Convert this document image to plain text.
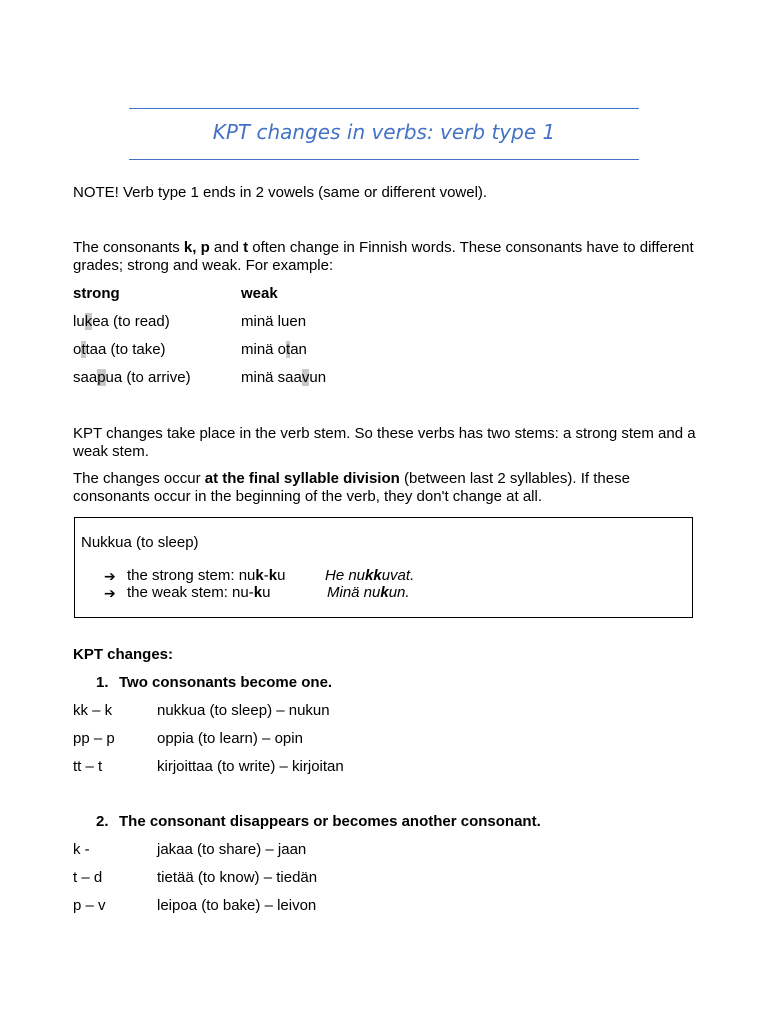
KPT changes in verbs: verb type 1
NOTE! Verb type 1 ends in 2 vowels (same or different vowel).
The consonants k, p and t often change in Finnish words. These consonants have to different grades; strong and weak. For example:
strong	weak
lukea (to read)	minä luen
ottaa (to take)	minä otan
saapua (to arrive)	minä saavun
KPT changes take place in the verb stem. So these verbs has two stems: a strong stem and a weak stem.
The changes occur at the final syllable division (between last 2 syllables). If these consonants occur in the beginning of the verb, they don't change at all.
Nukkua (to sleep)
➔ the strong stem: nuk-ku	He nukkuvat.
➔ the weak stem: nu-ku	Minä nukun.
KPT changes:
1. Two consonants become one.
kk – k	nukkua (to sleep) – nukun
pp – p	oppia (to learn) – opin
tt – t	kirjoittaa (to write) – kirjoitan
2. The consonant disappears or becomes another consonant.
k -	jakaa (to share) – jaan
t – d	tietää (to know) – tiedän
p – v	leipoa (to bake) – leivon
